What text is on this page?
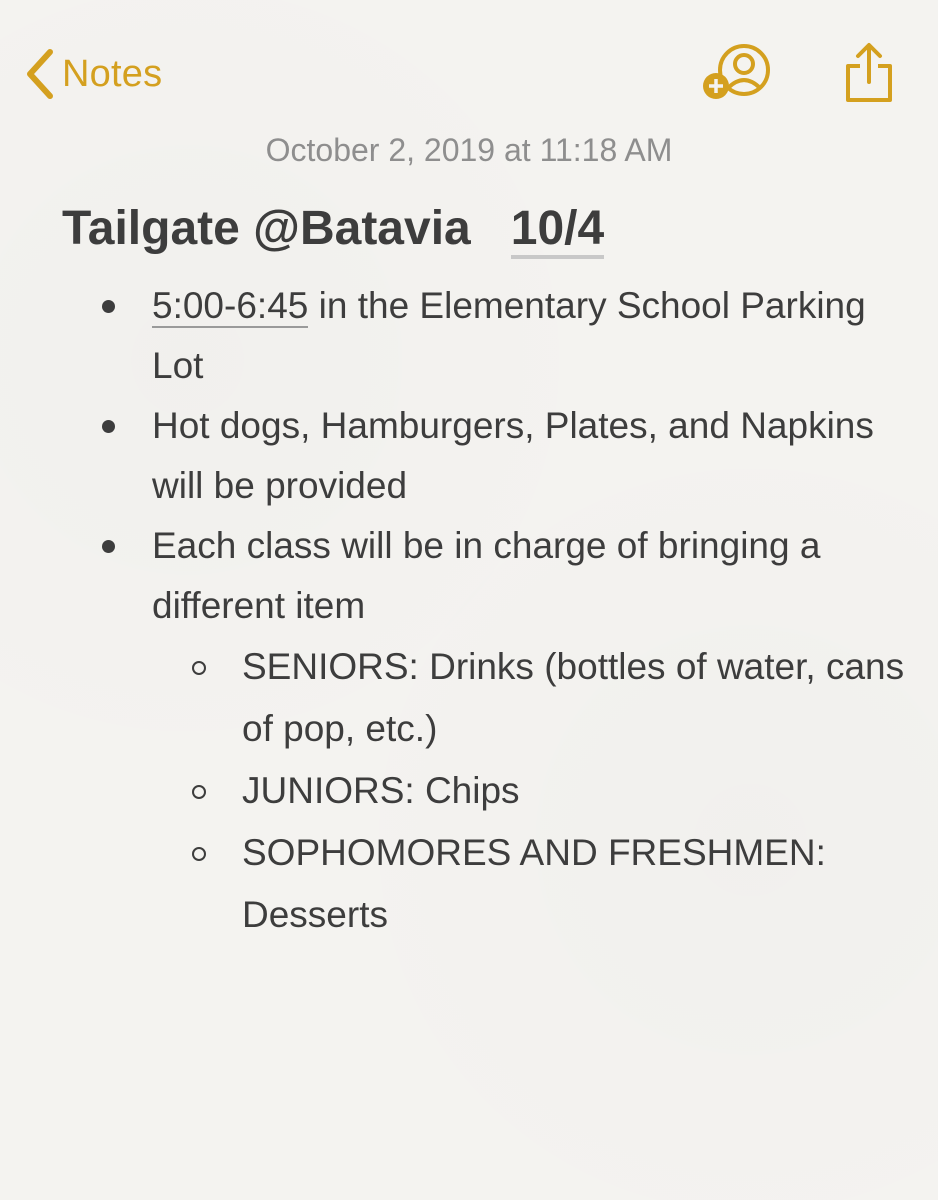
Notes
October 2, 2019 at 11:18 AM
Tailgate @Batavia 10/4
5:00-6:45 in the Elementary School Parking Lot
Hot dogs, Hamburgers, Plates, and Napkins will be provided
Each class will be in charge of bringing a different item
SENIORS: Drinks (bottles of water, cans of pop, etc.)
JUNIORS: Chips
SOPHOMORES AND FRESHMEN: Desserts
